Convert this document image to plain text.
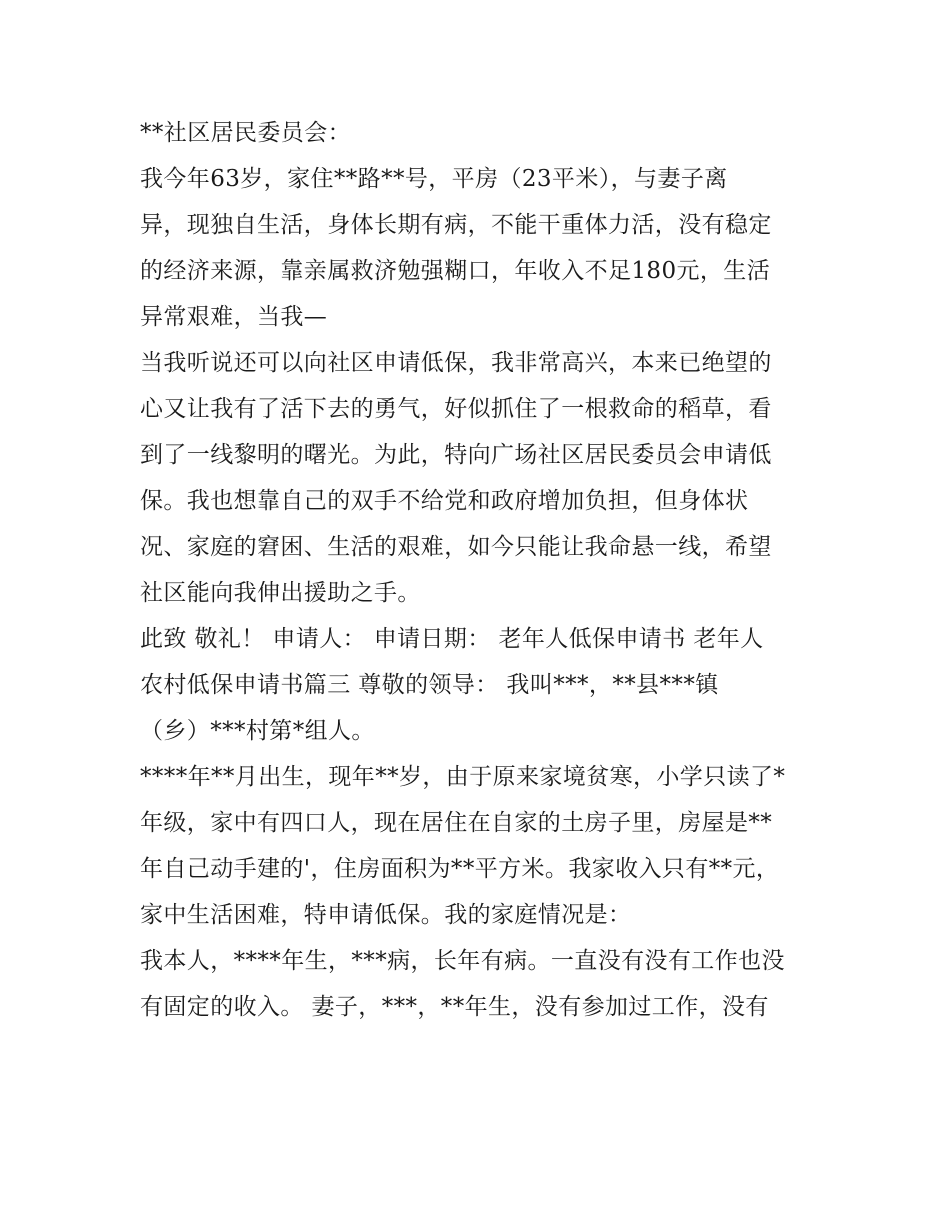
**社区居民委员会：
我今年63岁，家住**路**号，平房（23平米），与妻子离
异，现独自生活，身体长期有病，不能干重体力活，没有稳定
的经济来源，靠亲属救济勉强糊口，年收入不足180元，生活
异常艰难，当我—
当我听说还可以向社区申请低保，我非常高兴，本来已绝望的
心又让我有了活下去的勇气，好似抓住了一根救命的稻草，看
到了一线黎明的曙光。为此，特向广场社区居民委员会申请低
保。我也想靠自己的双手不给党和政府增加负担，但身体状
况、家庭的窘困、生活的艰难，如今只能让我命悬一线，希望
社区能向我伸出援助之手。
此致 敬礼！ 申请人： 申请日期： 老年人低保申请书 老年人
农村低保申请书篇三 尊敬的领导： 我叫***，**县***镇
（乡）***村第*组人。
****年**月出生，现年**岁，由于原来家境贫寒，小学只读了*
年级，家中有四口人，现在居住在自家的土房子里，房屋是**
年自己动手建的'，住房面积为**平方米。我家收入只有**元，
家中生活困难，特申请低保。我的家庭情况是：
我本人，****年生，***病，长年有病。一直没有没有工作也没
有固定的收入。 妻子，***，**年生，没有参加过工作，没有
